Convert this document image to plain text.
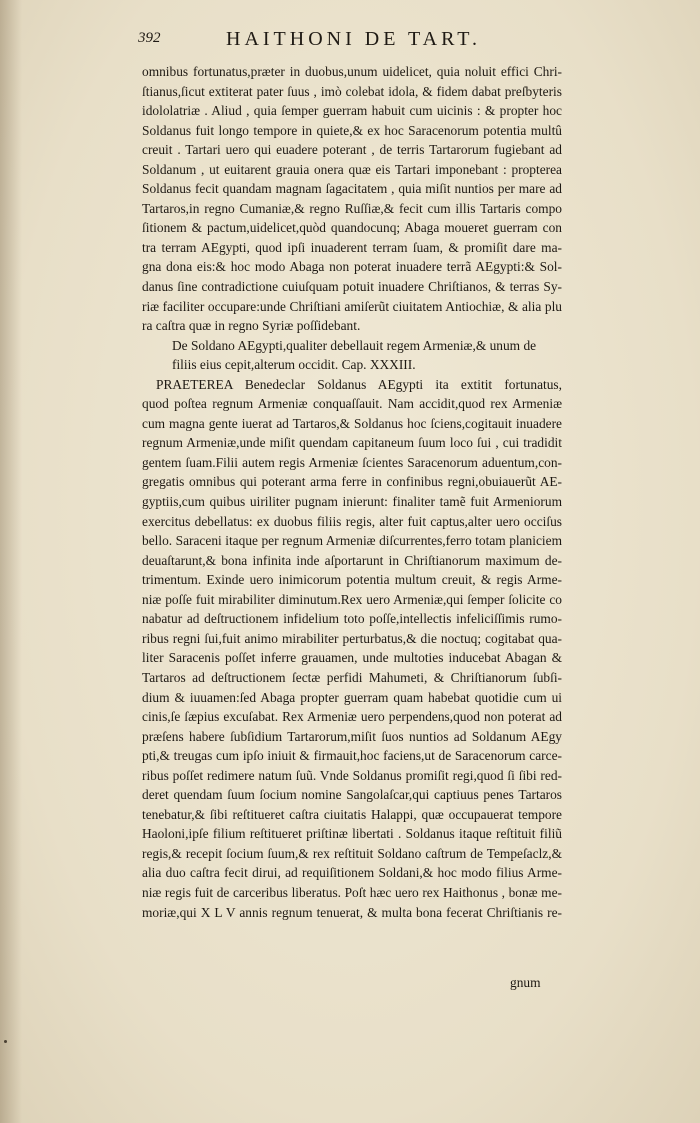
392	HAITHONI DE TART.
omnibus fortunatus,præter in duobus,unum uidelicet, quia noluit effici Chri-
ſtianus,ſicut extiterat pater ſuus , imò colebat idola, & fidem dabat preſbyteris
idololatriæ . Aliud , quia ſemper guerram habuit cum uicinis : & propter hoc
Soldanus fuit longo tempore in quiete,& ex hoc Saracenorum potentia multû
creuit . Tartari uero qui euadere poterant , de terris Tartarorum fugiebant ad
Soldanum , ut euitarent grauia onera quæ eis Tartari imponebant : propterea
Soldanus fecit quandam magnam ſagacitatem , quia miſit nuntios per mare ad
Tartaros,in regno Cumaniæ,& regno Ruſſiæ,& fecit cum illis Tartaris compo
ſitionem & pactum,uidelicet,quòd quandocunq; Abaga moueret guerram con
tra terram AEgypti, quod ipſi inuaderent terram ſuam, & promiſit dare ma-
gna dona eis:& hoc modo Abaga non poterat inuadere terrã AEgypti:& Sol-
danus ſine contradictione cuiuſquam potuit inuadere Chriſtianos, & terras Sy-
riæ faciliter occupare:unde Chriſtiani amiſerũt ciuitatem Antiochiæ, & alia plu
ra caſtra quæ in regno Syriæ poſſidebant.
De Soldano AEgypti,qualiter debellauit regem Armeniæ,& unum de
filiis eius cepit,alterum occidit. Cap. XXXIII.
PRAETEREA Benedeclar Soldanus AEgypti ita extitit fortunatus,
quod poſtea regnum Armeniæ conquaſſauit. Nam accidit,quod rex Armeniæ
cum magna gente iuerat ad Tartaros,& Soldanus hoc ſciens,cogitauit inuadere
regnum Armeniæ,unde miſit quendam capitaneum ſuum loco ſui , cui tradidit
gentem ſuam.Filii autem regis Armeniæ ſcientes Saracenorum aduentum,con-
gregatis omnibus qui poterant arma ferre in confinibus regni,obuiauerũt AE-
gyptiis,cum quibus uiriliter pugnam inierunt: finaliter tamẽ fuit Armeniorum
exercitus debellatus: ex duobus filiis regis, alter fuit captus,alter uero occiſus
bello. Saraceni itaque per regnum Armeniæ diſcurrentes,ferro totam planiciem
deuaſtarunt,& bona infinita inde aſportarunt in Chriſtianorum maximum de-
trimentum. Exinde uero inimicorum potentia multum creuit, & regis Arme-
niæ poſſe fuit mirabiliter diminutum.Rex uero Armeniæ,qui ſemper ſolicite co
nabatur ad deſtructionem infidelium toto poſſe,intellectis infeliciſſimis rumo-
ribus regni ſui,fuit animo mirabiliter perturbatus,& die noctuq; cogitabat qua-
liter Saracenis poſſet inferre grauamen, unde multoties inducebat Abagan &
Tartaros ad deſtructionem ſectæ perfidi Mahumeti, & Chriſtianorum ſubſi-
dium & iuuamen:ſed Abaga propter guerram quam habebat quotidie cum ui
cinis,ſe ſæpius excuſabat. Rex Armeniæ uero perpendens,quod non poterat ad
præſens habere ſubſidium Tartarorum,miſit ſuos nuntios ad Soldanum AEgy
pti,& treugas cum ipſo iniuit & firmauit,hoc faciens,ut de Saracenorum carce-
ribus poſſet redimere natum ſuũ. Vnde Soldanus promiſit regi,quod ſi ſibi red-
deret quendam ſuum ſocium nomine Sangolaſcar,qui captiuus penes Tartaros
tenebatur,& ſibi reſtitueret caſtra ciuitatis Halappi, quæ occupauerat tempore
Haoloni,ipſe filium reſtitueret priſtinæ libertati . Soldanus itaque reſtituit filiũ
regis,& recepit ſocium ſuum,& rex reſtituit Soldano caſtrum de Tempeſaclz,&
alia duo caſtra fecit dirui, ad requiſitionem Soldani,& hoc modo filius Arme-
niæ regis fuit de carceribus liberatus. Poſt hæc uero rex Haithonus , bonæ me-
moriæ,qui X L V annis regnum tenuerat, & multa bona fecerat Chriſtianis re-
gnum
